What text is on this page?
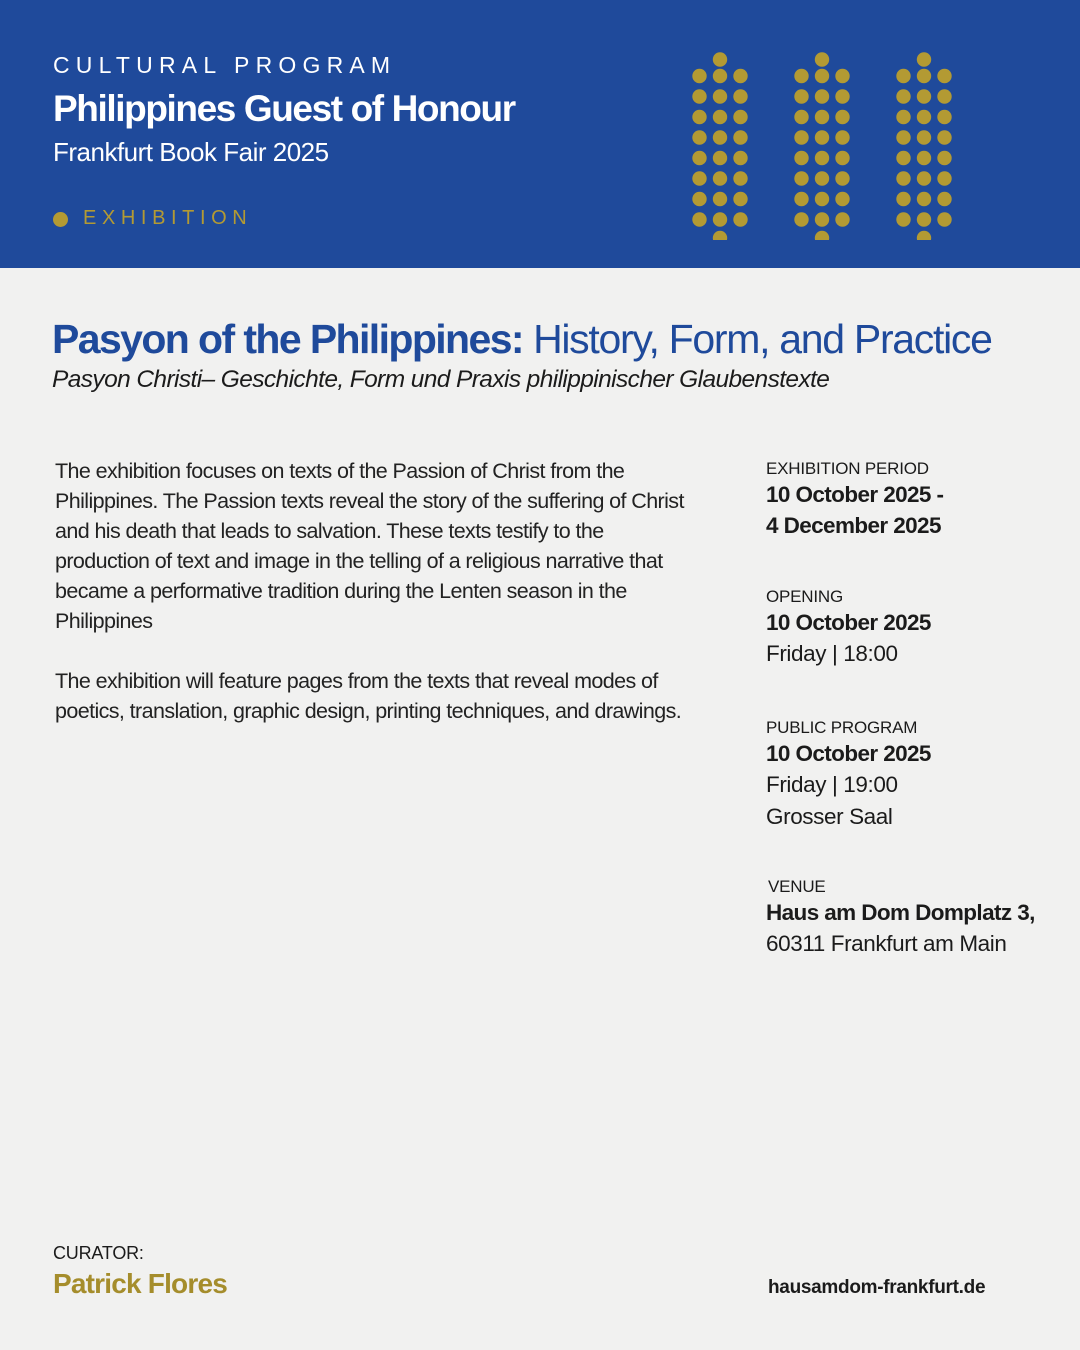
CULTURAL PROGRAM

Philippines Guest of Honour

Frankfurt Book Fair 2025

EXHIBITION

Pasyon of the Philippines: History, Form, and Practice

Pasyon Christi– Geschichte, Form und Praxis philippinischer Glaubenstexte

The exhibition focuses on texts of the Passion of Christ from the Philippines. The Passion texts reveal the story of the suffering of Christ and his death that leads to salvation. These texts testify to the production of text and image in the telling of a religious narrative that became a performative tradition during the Lenten season in the Philippines

The exhibition will feature pages from the texts that reveal modes of poetics, translation, graphic design, printing techniques, and drawings.

EXHIBITION PERIOD

10 October 2025 -

4 December 2025

OPENING

10 October 2025

Friday | 18:00

PUBLIC PROGRAM

10 October 2025

Friday | 19:00

Grosser Saal

VENUE

Haus am Dom Domplatz 3,

60311 Frankfurt am Main

CURATOR:

Patrick Flores	hausamdom-frankfurt.de
